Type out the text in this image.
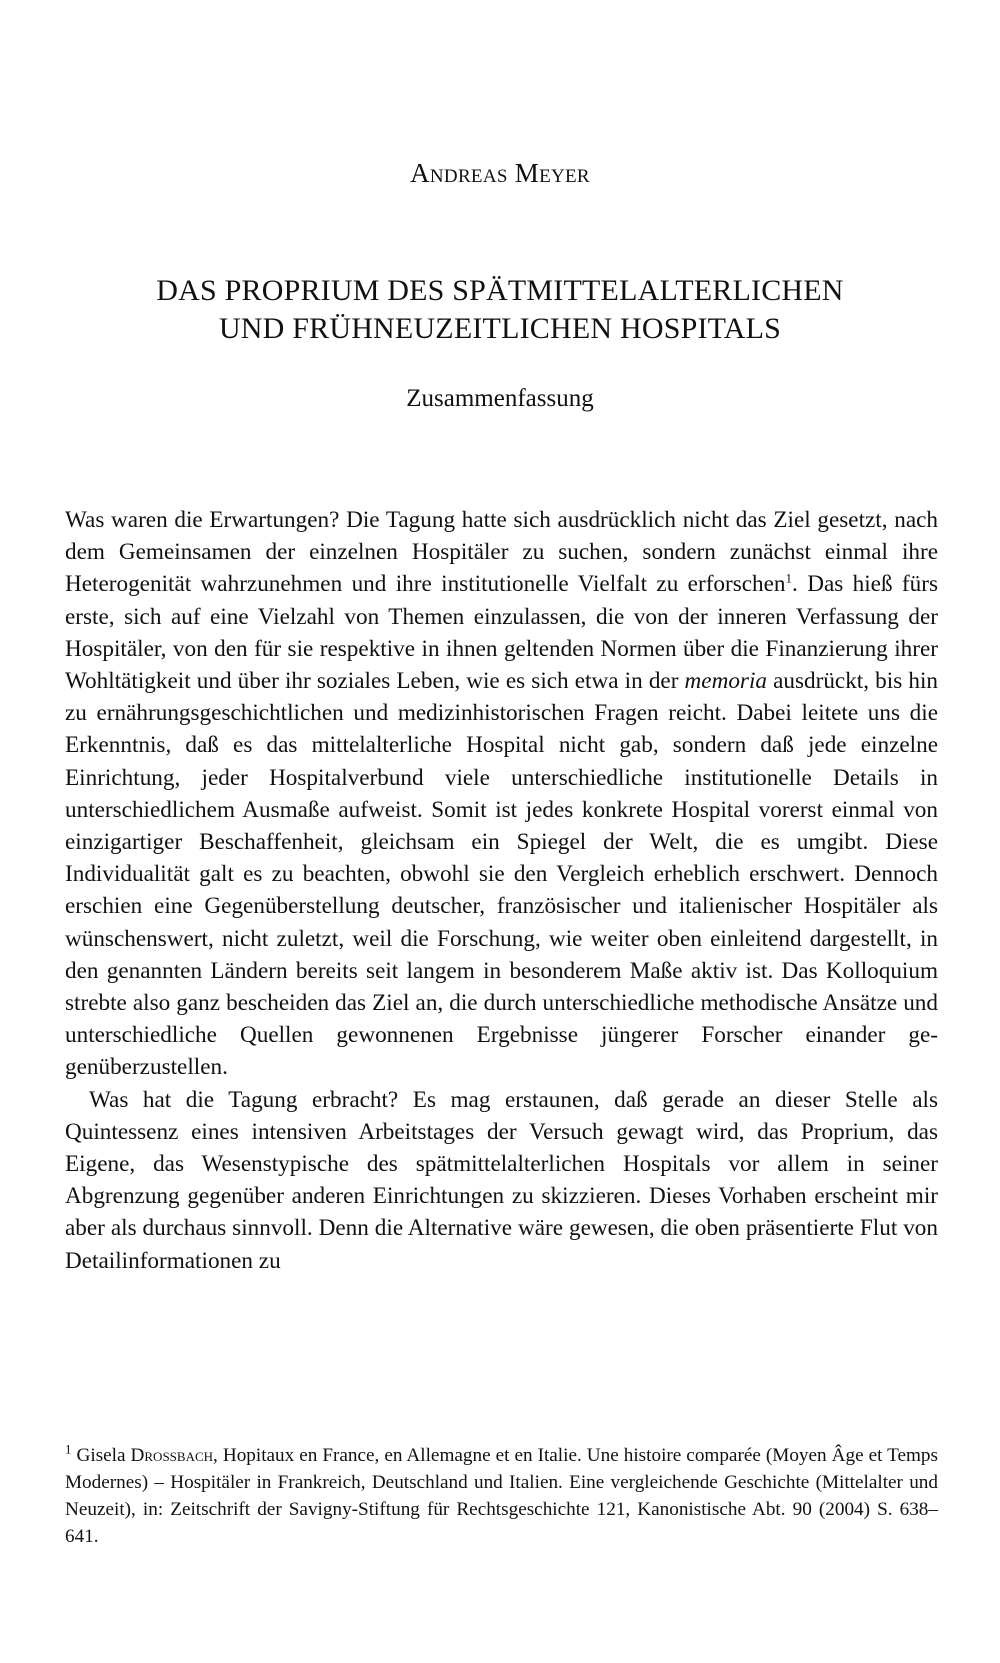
Andreas Meyer
DAS PROPRIUM DES SPÄTMITTELALTERLICHEN
UND FRÜHNEUZEITLICHEN HOSPITALS
Zusammenfassung

Was waren die Erwartungen? Die Tagung hatte sich ausdrücklich nicht das Ziel gesetzt, nach dem Gemeinsamen der einzelnen Hospitäler zu suchen, sondern zunächst einmal ihre Heterogenität wahrzunehmen und ihre institutionelle Vielfalt zu erforschen$^1$. Das hieß fürs erste, sich auf eine Vielzahl von Themen einzulassen, die von der inneren Verfassung der Hospitäler, von den für sie respektive in ihnen geltenden Normen über die Finanzierung ihrer Wohltätigkeit und über ihr soziales Leben, wie es sich etwa in der memoria ausdrückt, bis hin zu ernährungsgeschichtlichen und medizinhistorischen Fragen reicht. Dabei leitete uns die Erkenntnis, daß es das mittelalterliche Hospital nicht gab, sondern daß jede einzelne Einrichtung, jeder Hospitalverbund viele unterschiedliche institutionelle Details in unterschiedlichem Ausmaße aufweist. Somit ist jedes konkrete Hospital vorerst einmal von einzigartiger Beschaffenheit, gleichsam ein Spiegel der Welt, die es umgibt. Diese Individualität galt es zu beachten, obwohl sie den Vergleich erheblich erschwert. Dennoch erschien eine Gegenüberstellung deutscher, französischer und italienischer Hospitäler als wünschenswert, nicht zuletzt, weil die Forschung, wie weiter oben einleitend dargestellt, in den genannten Ländern bereits seit langem in besonderem Maße aktiv ist. Das Kolloquium strebte also ganz bescheiden das Ziel an, die durch unterschiedliche methodische Ansätze und unterschiedliche Quellen gewonnenen Ergebnisse jüngerer Forscher einander gegenüberzustellen.

Was hat die Tagung erbracht? Es mag erstaunen, daß gerade an dieser Stelle als Quintessenz eines intensiven Arbeitstages der Versuch gewagt wird, das Proprium, das Eigene, das Wesenstypische des spätmittelalterlichen Hospitals vor allem in seiner Abgrenzung gegenüber anderen Einrichtungen zu skizzieren. Dieses Vorhaben erscheint mir aber als durchaus sinnvoll. Denn die Alternative wäre gewesen, die oben präsentierte Flut von Detailinformationen zu

$^1$ Gisela Drossbach, Hopitaux en France, en Allemagne et en Italie. Une histoire comparée (Moyen Âge et Temps Modernes) – Hospitäler in Frankreich, Deutschland und Italien. Eine vergleichende Geschichte (Mittelalter und Neuzeit), in: Zeitschrift der Savigny-Stiftung für Rechtsgeschichte 121, Kanonistische Abt. 90 (2004) S. 638–641.
